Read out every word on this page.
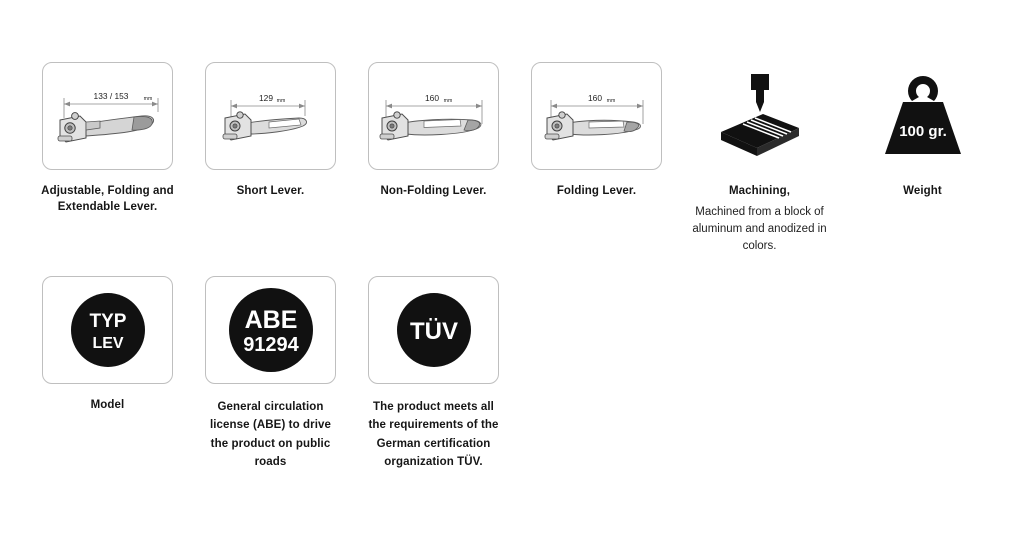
133 / 153	mm
Adjustable, Folding and Extendable Lever.
129 mm
Short Lever.
160 mm
Non-Folding Lever.
160 mm
Folding Lever.	Machining,
Machined from a block of aluminum and anodized in colors.
100 gr.
Weight
TYP
LEV
Model
ABE
91294
General circulation license (ABE) to drive the product on public roads
TÜV
The product meets all the requirements of the German certification organization TÜV.
